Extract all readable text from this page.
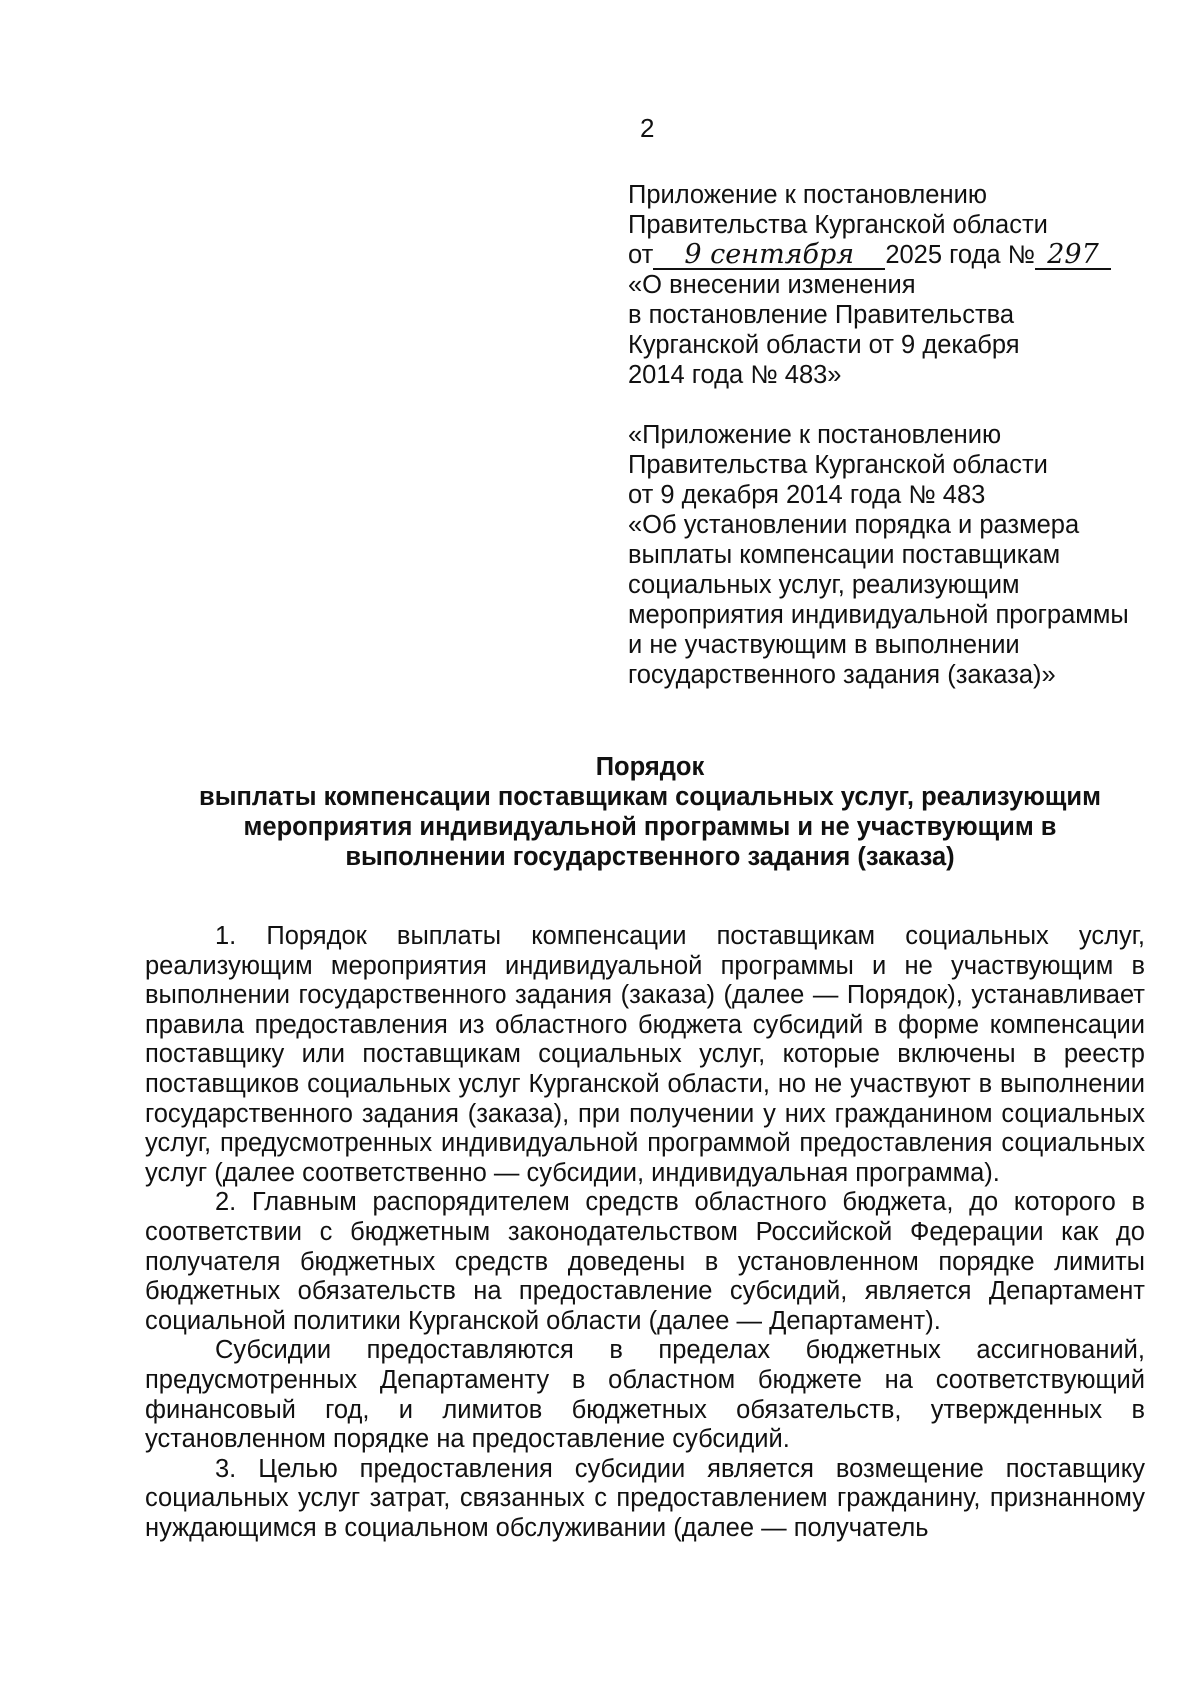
2
Приложение к постановлению
Правительства Курганской области
от 9 сентября 2025 года № 297
«О внесении изменения
в постановление Правительства
Курганской области от 9 декабря
2014 года № 483»
«Приложение к постановлению
Правительства Курганской области
от 9 декабря 2014 года № 483
«Об установлении порядка и размера
выплаты компенсации поставщикам
социальных услуг, реализующим
мероприятия индивидуальной программы
и не участвующим в выполнении
государственного задания (заказа)»
Порядок
выплаты компенсации поставщикам социальных услуг, реализующим
мероприятия индивидуальной программы и не участвующим в
выполнении государственного задания (заказа)

1. Порядок выплаты компенсации поставщикам социальных услуг, реализующим мероприятия индивидуальной программы и не участвующим в выполнении государственного задания (заказа) (далее — Порядок), устанавливает правила предоставления из областного бюджета субсидий в форме компенсации поставщику или поставщикам социальных услуг, которые включены в реестр поставщиков социальных услуг Курганской области, но не участвуют в выполнении государственного задания (заказа), при получении у них гражданином социальных услуг, предусмотренных индивидуальной программой предоставления социальных услуг (далее соответственно — субсидии, индивидуальная программа).

2. Главным распорядителем средств областного бюджета, до которого в соответствии с бюджетным законодательством Российской Федерации как до получателя бюджетных средств доведены в установленном порядке лимиты бюджетных обязательств на предоставление субсидий, является Департамент социальной политики Курганской области (далее — Департамент).

Субсидии предоставляются в пределах бюджетных ассигнований, предусмотренных Департаменту в областном бюджете на соответствующий финансовый год, и лимитов бюджетных обязательств, утвержденных в установленном порядке на предоставление субсидий.

3. Целью предоставления субсидии является возмещение поставщику социальных услуг затрат, связанных с предоставлением гражданину, признанному нуждающимся в социальном обслуживании (далее — получатель
